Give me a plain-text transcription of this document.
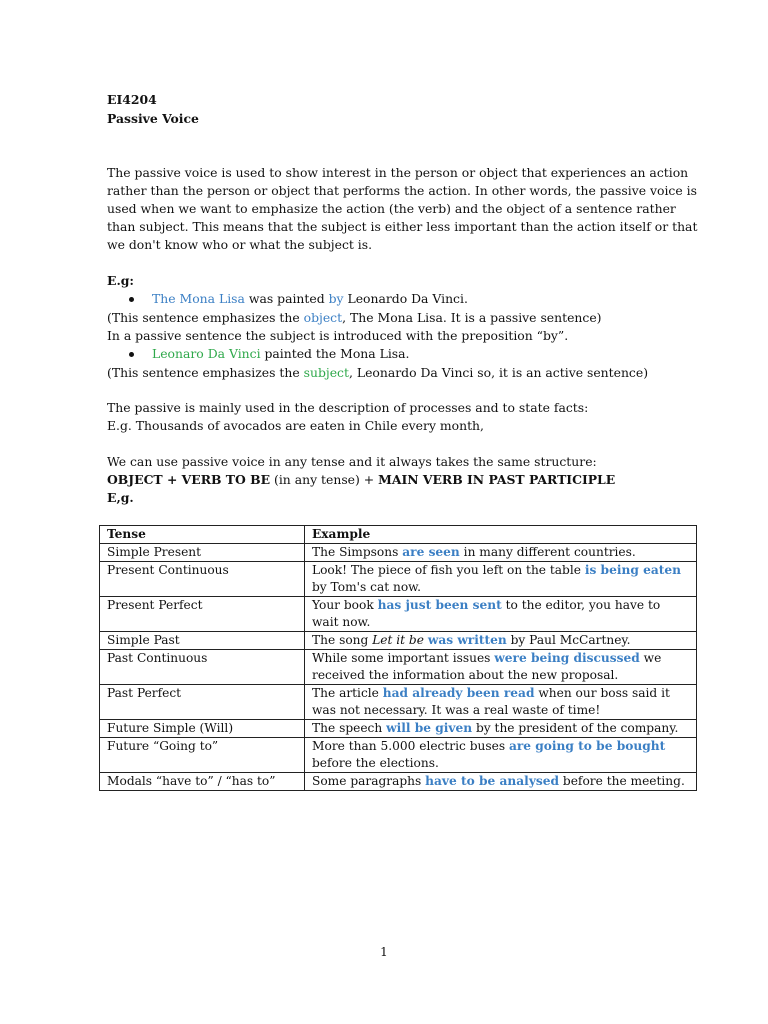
EI4204
Passive Voice
The passive voice is used to show interest in the person or object that experiences an action
rather than the person or object that performs the action. In other words, the passive voice is
used when we want to emphasize the action (the verb) and the object of a sentence rather
than subject. This means that the subject is either less important than the action itself or that
we don't know who or what the subject is.
E.g:
The Mona Lisa was painted by Leonardo Da Vinci.
(This sentence emphasizes the object, The Mona Lisa. It is a passive sentence)
In a passive sentence the subject is introduced with the preposition “by”.
Leonaro Da Vinci painted the Mona Lisa.
(This sentence emphasizes the subject, Leonardo Da Vinci so, it is an active sentence)
The passive is mainly used in the description of processes and to state facts:
E.g. Thousands of avocados are eaten in Chile every month,
We can use passive voice in any tense and it always takes the same structure:
OBJECT + VERB TO BE (in any tense) + MAIN VERB IN PAST PARTICIPLE
E,g.
Tense	Example
Simple Present	The Simpsons are seen in many different countries.
Present Continuous	Look! The piece of fish you left on the table is being eaten by Tom's cat now.
Present Perfect	Your book has just been sent to the editor, you have to wait now.
Simple Past	The song Let it be was written by Paul McCartney.
Past Continuous	While some important issues were being discussed we received the information about the new proposal.
Past Perfect	The article had already been read when our boss said it was not necessary. It was a real waste of time!
Future Simple (Will)	The speech will be given by the president of the company.
Future “Going to”	More than 5.000 electric buses are going to be bought before the elections.
Modals “have to” / “has to”	Some paragraphs have to be analysed before the meeting.
1
